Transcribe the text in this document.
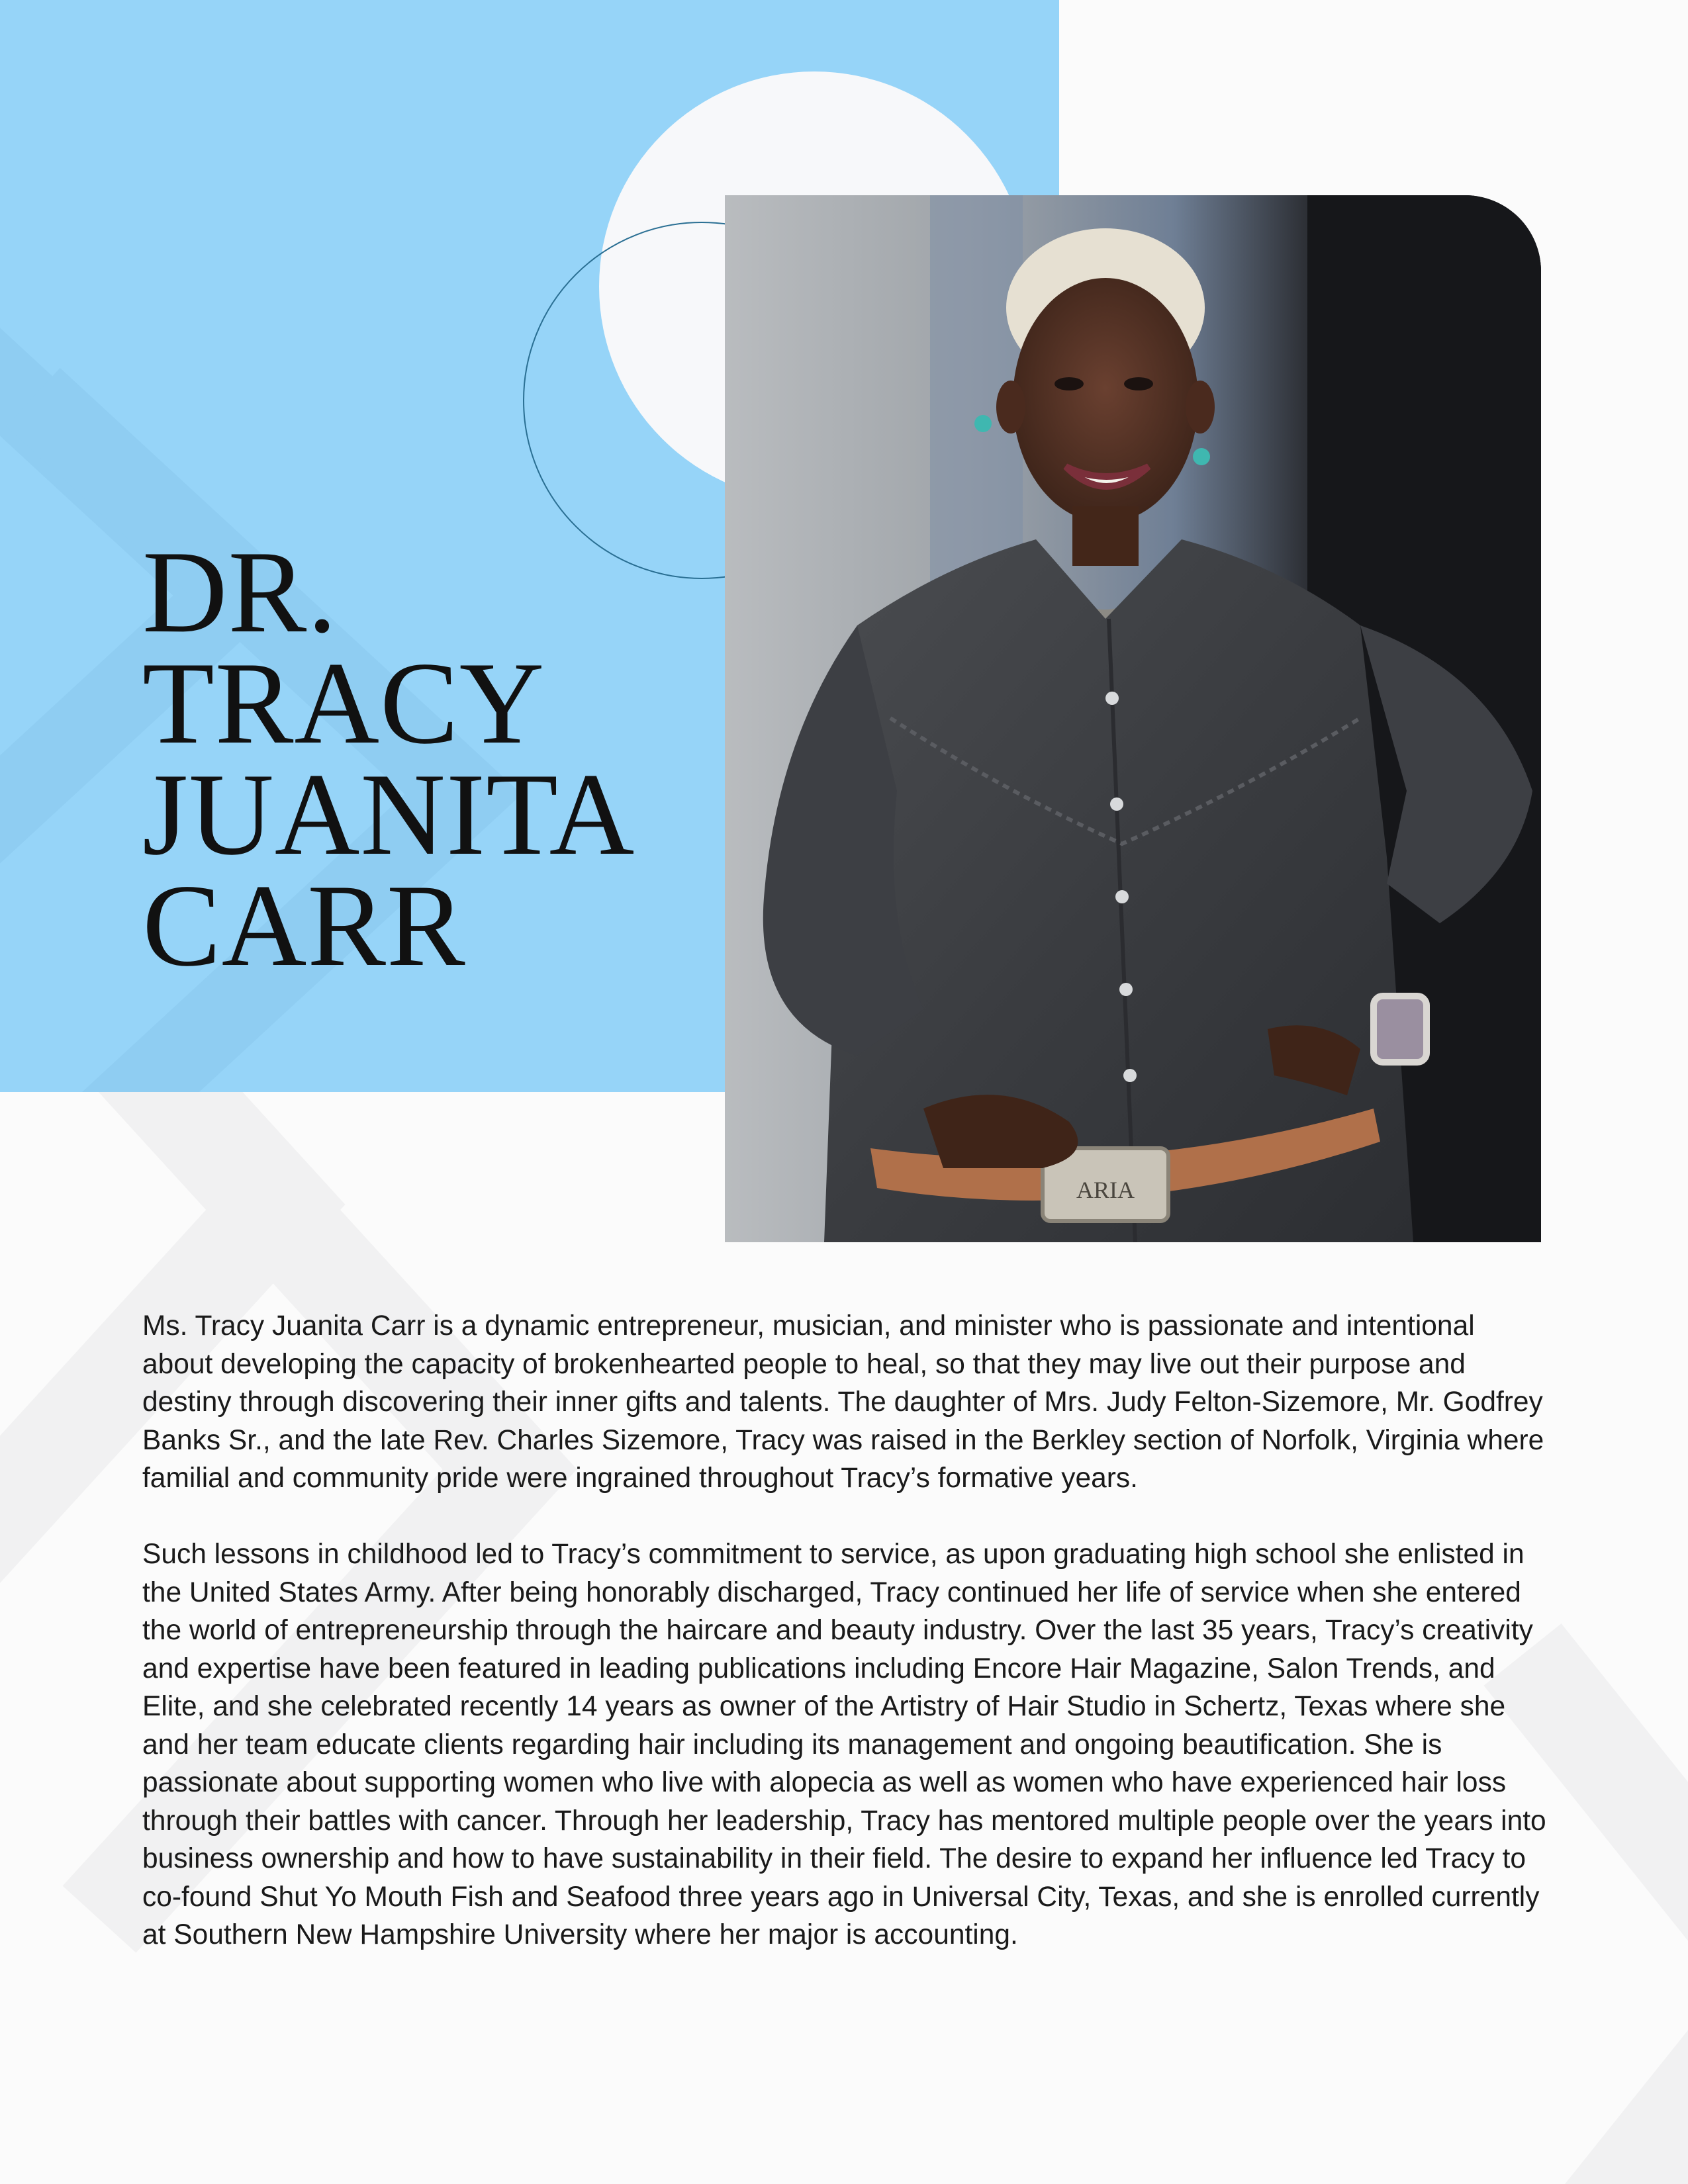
DR.
TRACY
JUANITA
CARR
ARIA

Ms. Tracy Juanita Carr is a dynamic entrepreneur, musician, and minister who is passionate and intentional about developing the capacity of brokenhearted people to heal, so that they may live out their purpose and destiny through discovering their inner gifts and talents. The daughter of Mrs. Judy Felton-Sizemore, Mr. Godfrey Banks Sr., and the late Rev. Charles Sizemore, Tracy was raised in the Berkley section of Norfolk, Virginia where familial and community pride were ingrained throughout Tracy’s formative years.

Such lessons in childhood led to Tracy’s commitment to service, as upon graduating high school she enlisted in the United States Army. After being honorably discharged, Tracy continued her life of service when she entered the world of entrepreneurship through the haircare and beauty industry. Over the last 35 years, Tracy’s creativity and expertise have been featured in leading publications including Encore Hair Magazine, Salon Trends, and Elite, and she celebrated recently 14 years as owner of the Artistry of Hair Studio in Schertz, Texas where she and her team educate clients regarding hair including its management and ongoing beautification. She is passionate about supporting women who live with alopecia as well as women who have experienced hair loss through their battles with cancer. Through her leadership, Tracy has mentored multiple people over the years into business ownership and how to have sustainability in their field. The desire to expand her influence led Tracy to co-found Shut Yo Mouth Fish and Seafood three years ago in Universal City, Texas, and she is enrolled currently at Southern New Hampshire University where her major is accounting.
